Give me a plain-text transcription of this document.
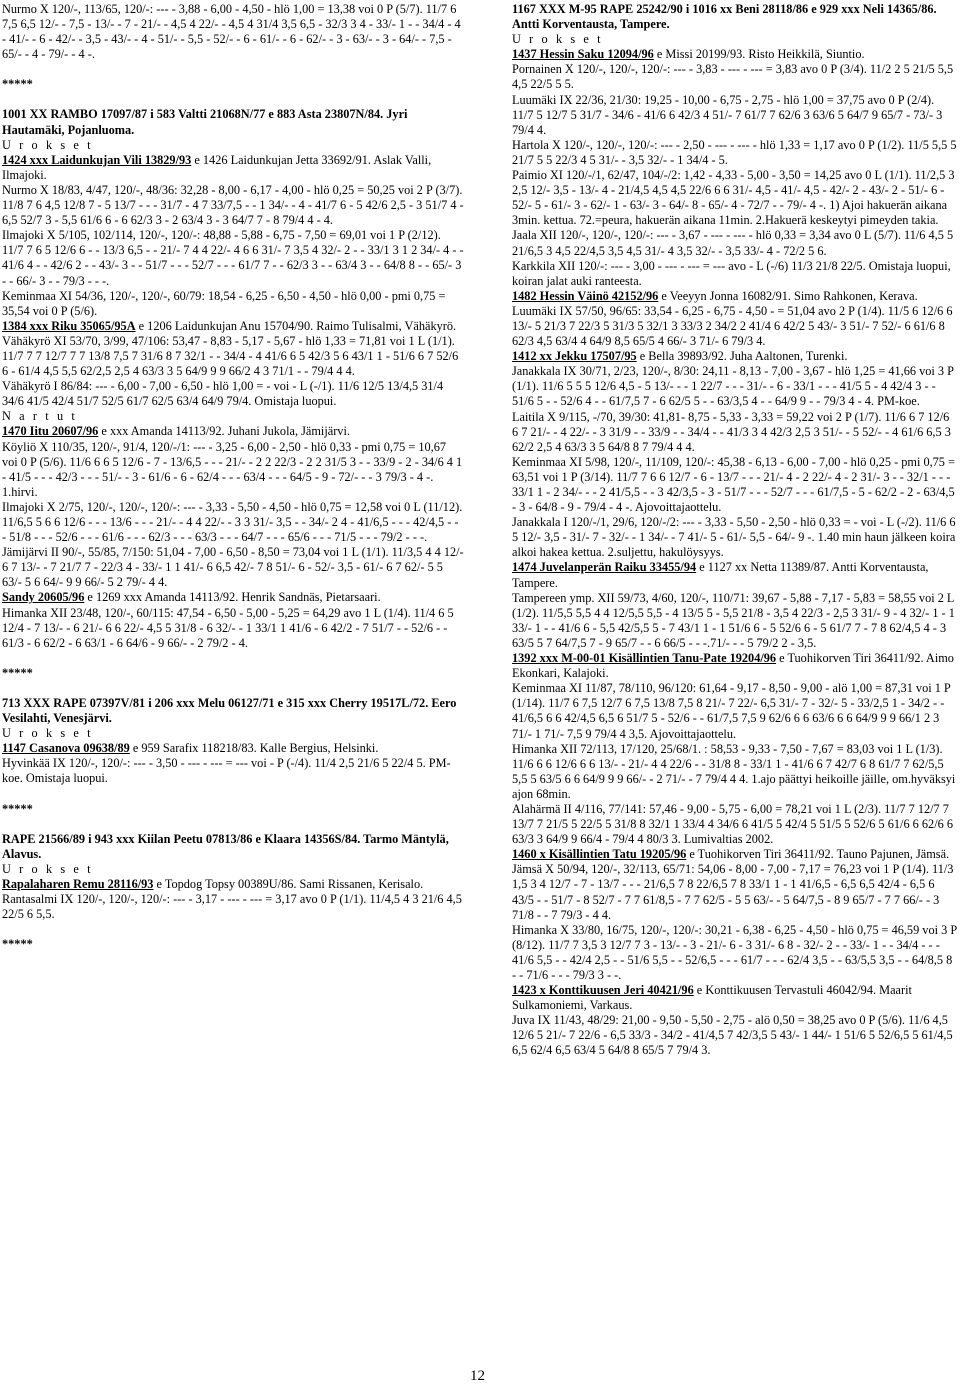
Nurmo X 120/-, 113/65, 120/-: --- - 3,88 - 6,00 - 4,50 - hlö 1,00 = 13,38 voi 0 P (5/7). 11/7 6 7,5 6,5 12/- - 7,5 - 13/- - 7 - 21/- - 4,5 4 22/- - 4,5 4 31/4 3,5 6,5 - 32/3 3 4 - 33/- 1 - - 34/4 - 4 - 41/- - 6 - 42/- - 3,5 - 43/- - 4 - 51/- - 5,5 - 52/- - 6 - 61/- - 6 - 62/- - 3 - 63/- - 3 - 64/- - 7,5 - 65/- - 4 - 79/- - 4 -.

*****

1001 XX RAMBO 17097/87 i 583 Valtti 21068N/77 e 883 Asta 23807N/84. Jyri Hautamäki, Pojanluoma.

U r o k s e t

1424 xxx Laidunkujan Vili 13829/93 e 1426 Laidunkujan Jetta 33692/91. Aslak Valli, Ilmajoki.

Nurmo X 18/83, 4/47, 120/-, 48/36: 32,28 - 8,00 - 6,17 - 4,00 - hlö 0,25 = 50,25 voi 2 P (3/7). 11/8 7 6 4,5 12/8 7 - 5 13/7 - - - 31/7 - 4 7 33/7,5 - - 1 34/- - 4 - 41/7 6 - 5 42/6 2,5 - 3 51/7 4 - 6,5 52/7 3 - 5,5 61/6 6 - 6 62/3 3 - 2 63/4 3 - 3 64/7 7 - 8 79/4 4 - 4.

Ilmajoki X 5/105, 102/114, 120/-, 120/-: 48,88 - 5,88 - 6,75 - 7,50 = 69,01 voi 1 P (2/12). 11/7 7 6 5 12/6 6 - - 13/3 6,5 - - 21/- 7 4 4 22/- 4 6 6 31/- 7 3,5 4 32/- 2 - - 33/1 3 1 2 34/- 4 - - 41/6 4 - - 42/6 2 - - 43/- 3 - - 51/7 - - - 52/7 - - - 61/7 7 - - 62/3 3 - - 63/4 3 - - 64/8 8 - - 65/- 3 - - 66/- 3 - - 79/3 - - -.

Keminmaa XI 54/36, 120/-, 120/-, 60/79: 18,54 - 6,25 - 6,50 - 4,50 - hlö 0,00 - pmi 0,75 = 35,54 voi 0 P (5/6).

1384 xxx Riku 35065/95A e 1206 Laidunkujan Anu 15704/90. Raimo Tulisalmi, Vähäkyrö.

Vähäkyrö XI 53/70, 3/99, 47/106: 53,47 - 8,83 - 5,17 - 5,67 - hlö 1,33 = 71,81 voi 1 L (1/1). 11/7 7 7 12/7 7 7 13/8 7,5 7 31/6 8 7 32/1 - - 34/4 - 4 41/6 6 5 42/3 5 6 43/1 1 - 51/6 6 7 52/6 6 - 61/4 4,5 5,5 62/2,5 2,5 4 63/3 3 5 64/9 9 9 66/2 4 3 71/1 - - 79/4 4 4.

Vähäkyrö I 86/84: --- - 6,00 - 7,00 - 6,50 - hlö 1,00 = - voi - L (-/1). 11/6 12/5 13/4,5 31/4 34/6 41/5 42/4 51/7 52/5 61/7 62/5 63/4 64/9 79/4. Omistaja luopui.

N a r t u t

1470 Iitu 20607/96 e xxx Amanda 14113/92. Juhani Jukola, Jämijärvi.

Köyliö X 110/35, 120/-, 91/4, 120/-/1: --- - 3,25 - 6,00 - 2,50 - hlö 0,33 - pmi 0,75 = 10,67 voi 0 P (5/6). 11/6 6 6 5 12/6 - 7 - 13/6,5 - - - 21/- - 2 2 22/3 - 2 2 31/5 3 - - 33/9 - 2 - 34/6 4 1 - 41/5 - - - 42/3 - - - 51/- - 3 - 61/6 - 6 - 62/4 - - - 63/4 - - - 64/5 - 9 - 72/- - - 3 79/3 - 4 -. 1.hirvi.

Ilmajoki X 2/75, 120/-, 120/-, 120/-: --- - 3,33 - 5,50 - 4,50 - hlö 0,75 = 12,58 voi 0 L (11/12). 11/6,5 5 6 6 12/6 - - - 13/6 - - - 21/- - 4 4 22/- - 3 3 31/- 3,5 - - 34/- 2 4 - 41/6,5 - - - 42/4,5 - - - 51/8 - - - 52/6 - - - 61/6 - - - 62/3 - - - 63/3 - - - 64/7 - - - 65/6 - - - 71/5 - - - 79/2 - - -.

Jämijärvi II 90/-, 55/85, 7/150: 51,04 - 7,00 - 6,50 - 8,50 = 73,04 voi 1 L (1/1). 11/3,5 4 4 12/- 6 7 13/- - 7 21/7 7 - 22/3 4 - 33/- 1 1 41/- 6 6,5 42/- 7 8 51/- 6 - 52/- 3,5 - 61/- 6 7 62/- 5 5 63/- 5 6 64/- 9 9 66/- 5 2 79/- 4 4.

Sandy 20605/96 e 1269 xxx Amanda 14113/92. Henrik Sandnäs, Pietarsaari.

Himanka XII 23/48, 120/-, 60/115: 47,54 - 6,50 - 5,00 - 5,25 = 64,29 avo 1 L (1/4). 11/4 6 5 12/4 - 7 13/- - 6 21/- 6 6 22/- 4,5 5 31/8 - 6 32/- - 1 33/1 1 41/6 - 6 42/2 - 7 51/7 - - 52/6 - - 61/3 - 6 62/2 - 6 63/1 - 6 64/6 - 9 66/- - 2 79/2 - 4.

*****

713 XXX RAPE 07397V/81 i 206 xxx Melu 06127/71 e 315 xxx Cherry 19517L/72. Eero Vesilahti, Venesjärvi.

U r o k s e t

1147 Casanova 09638/89 e 959 Sarafix 118218/83. Kalle Bergius, Helsinki.

Hyvinkää IX 120/-, 120/-: --- - 3,50 - --- - --- = --- voi - P (-/4). 11/4 2,5 21/6 5 22/4 5. PM-koe. Omistaja luopui.

*****

RAPE 21566/89 i 943 xxx Kiilan Peetu 07813/86 e Klaara 14356S/84. Tarmo Mäntylä, Alavus.

U r o k s e t

Rapalaharen Remu 28116/93 e Topdog Topsy 00389U/86. Sami Rissanen, Kerisalo.

Rantasalmi IX 120/-, 120/-, 120/-: --- - 3,17 - --- - --- = 3,17 avo 0 P (1/1). 11/4,5 4 3 21/6 4,5 22/5 6 5,5.

*****

1167 XXX M-95 RAPE 25242/90 i 1016 xx Beni 28118/86 e 929 xxx Neli 14365/86. Antti Korventausta, Tampere.

U r o k s e t

1437 Hessin Saku 12094/96 e Missi 20199/93. Risto Heikkilä, Siuntio.

Pornainen X 120/-, 120/-, 120/-: --- - 3,83 - --- - --- = 3,83 avo 0 P (3/4). 11/2 2 5 21/5 5,5 4,5 22/5 5 5.

Luumäki IX 22/36, 21/30: 19,25 - 10,00 - 6,75 - 2,75 - hlö 1,00 = 37,75 avo 0 P (2/4). 11/7 5 12/7 5 31/7 - 34/6 - 41/6 6 42/3 4 51/- 7 61/7 7 62/6 3 63/6 5 64/7 9 65/7 - 73/- 3 79/4 4.

Hartola X 120/-, 120/-, 120/-: --- - 2,50 - --- - --- - hlö 1,33 = 1,17 avo 0 P (1/2). 11/5 5,5 5 21/7 5 5 22/3 4 5 31/- - 3,5 32/- - 1 34/4 - 5.

Paimio XI 120/-/1, 62/47, 104/-/2: 1,42 - 4,33 - 5,00 - 3,50 = 14,25 avo 0 L (1/1). 11/2,5 3 2,5 12/- 3,5 - 13/- 4 - 21/4,5 4,5 4,5 22/6 6 6 31/- 4,5 - 41/- 4,5 - 42/- 2 - 43/- 2 - 51/- 6 - 52/- 5 - 61/- 3 - 62/- 1 - 63/- 3 - 64/- 8 - 65/- 4 - 72/7 - - 79/- 4 -. 1) Ajoi hakuerän aikana 3min. kettua. 72.=peura, hakuerän aikana 11min. 2.Hakuerä keskeytyi pimeyden takia.

Jaala XII 120/-, 120/-, 120/-: --- - 3,67 - --- - --- - hlö 0,33 = 3,34 avo 0 L (5/7). 11/6 4,5 5 21/6,5 3 4,5 22/4,5 3,5 4,5 31/- 4 3,5 32/- - 3,5 33/- 4 - 72/2 5 6.

Karkkila XII 120/-: --- - 3,00 - --- - --- = --- avo - L (-/6) 11/3 21/8 22/5. Omistaja luopui, koiran jalat auki ranteesta.

1482 Hessin Väinö 42152/96 e Veeyyn Jonna 16082/91. Simo Rahkonen, Kerava.

Luumäki IX 57/50, 96/65: 33,54 - 6,25 - 6,75 - 4,50 - = 51,04 avo 2 P (1/4). 11/5 6 12/6 6 13/- 5 21/3 7 22/3 5 31/3 5 32/1 3 33/3 2 34/2 2 41/4 6 42/2 5 43/- 3 51/- 7 52/- 6 61/6 8 62/3 4,5 63/4 4 64/9 8,5 65/5 4 66/- 3 71/- 6 79/3 4.

1412 xx Jekku 17507/95 e Bella 39893/92. Juha Aaltonen, Turenki.

Janakkala IX 30/71, 2/23, 120/-, 8/30: 24,11 - 8,13 - 7,00 - 3,67 - hlö 1,25 = 41,66 voi 3 P (1/1). 11/6 5 5 5 12/6 4,5 - 5 13/- - - 1 22/7 - - - 31/- - 6 - 33/1 - - - 41/5 5 - 4 42/4 3 - - 51/6 5 - - 52/6 4 - - 61/7,5 7 - 6 62/5 5 - - 63/3,5 4 - - 64/9 9 - - 79/3 4 - 4. PM-koe.

Laitila X 9/115, -/70, 39/30: 41,81- 8,75 - 5,33 - 3,33 = 59,22 voi 2 P (1/7). 11/6 6 7 12/6 6 7 21/- - 4 22/- - 3 31/9 - - 33/9 - - 34/4 - - 41/3 3 4 42/3 2,5 3 51/- - 5 52/- - 4 61/6 6,5 3 62/2 2,5 4 63/3 3 5 64/8 8 7 79/4 4 4.

Keminmaa XI 5/98, 120/-, 11/109, 120/-: 45,38 - 6,13 - 6,00 - 7,00 - hlö 0,25 - pmi 0,75 = 63,51 voi 1 P (3/14). 11/7 7 6 6 12/7 - 6 - 13/7 - - - 21/- 4 - 2 22/- 4 - 2 31/- 3 - - 32/1 - - - 33/1 1 - 2 34/- - - 2 41/5,5 - - 3 42/3,5 - 3 - 51/7 - - - 52/7 - - - 61/7,5 - 5 - 62/2 - 2 - 63/4,5 - 3 - 64/8 - 9 - 79/4 - 4 -. Ajovoittajaottelu.

Janakkala I 120/-/1, 29/6, 120/-/2: --- - 3,33 - 5,50 - 2,50 - hlö 0,33 = - voi - L (-/2). 11/6 6 5 12/- 3,5 - 31/- 7 - 32/- - 1 34/- - 7 41/- 5 - 61/- 5,5 - 64/- 9 -. 1.40 min haun jälkeen koira alkoi hakea kettua. 2.suljettu, hakulöysyys.

1474 Juvelanperän Raiku 33455/94 e 1127 xx Netta 11389/87. Antti Korventausta, Tampere.

Tampereen ymp. XII 59/73, 4/60, 120/-, 110/71: 39,67 - 5,88 - 7,17 - 5,83 = 58,55 voi 2 L (1/2). 11/5,5 5,5 4 4 12/5,5 5,5 - 4 13/5 5 - 5,5 21/8 - 3,5 4 22/3 - 2,5 3 31/- 9 - 4 32/- 1 - 1 33/- 1 - - 41/6 6 - 5,5 42/5,5 5 - 7 43/1 1 - 1 51/6 6 - 5 52/6 6 - 5 61/7 7 - 7 8 62/4,5 4 - 3 63/5 5 7 64/7,5 7 - 9 65/7 - - 6 66/5 - - -.71/- - - 5 79/2 2 - 3,5.

1392 xxx M-00-01 Kisällintien Tanu-Pate 19204/96 e Tuohikorven Tiri 36411/92. Aimo Ekonkari, Kalajoki.

Keminmaa XI 11/87, 78/110, 96/120: 61,64 - 9,17 - 8,50 - 9,00 - alö 1,00 = 87,31 voi 1 P (1/14). 11/7 6 7,5 12/7 6 7,5 13/8 7,5 8 21/- 7 22/- 6,5 31/- 7 - 32/- 5 - 33/2,5 1 - 34/2 - - 41/6,5 6 6 42/4,5 6,5 6 51/7 5 - 52/6 - - 61/7,5 7,5 9 62/6 6 6 63/6 6 6 64/9 9 9 66/1 2 3 71/- 1 71/- 7,5 9 79/4 4 3,5. Ajovoittajaottelu.

Himanka XII 72/113, 17/120, 25/68/1. : 58,53 - 9,33 - 7,50 - 7,67 = 83,03 voi 1 L (1/3). 11/6 6 6 12/6 6 6 13/- - 21/- 4 4 22/6 - - 31/8 8 - 33/1 1 - 41/6 6 7 42/7 6 8 61/7 7 62/5,5 5,5 5 63/5 6 6 64/9 9 9 66/- - 2 71/- - 7 79/4 4 4. 1.ajo päättyi heikoille jäille, om.hyväksyi ajon 68min.

Alahärmä II 4/116, 77/141: 57,46 - 9,00 - 5,75 - 6,00 = 78,21 voi 1 L (2/3). 11/7 7 12/7 7 13/7 7 21/5 5 22/5 5 31/8 8 32/1 1 33/4 4 34/6 6 41/5 5 42/4 5 51/5 5 52/6 5 61/6 6 62/6 6 63/3 3 64/9 9 66/4 - 79/4 4 80/3 3. Lumivaltias 2002.

1460 x Kisällintien Tatu 19205/96 e Tuohikorven Tiri 36411/92. Tauno Pajunen, Jämsä.

Jämsä X 50/94, 120/-, 32/113, 65/71: 54,06 - 8,00 - 7,00 - 7,17 = 76,23 voi 1 P (1/4). 11/3 1,5 3 4 12/7 - 7 - 13/7 - - - 21/6,5 7 8 22/6,5 7 8 33/1 1 - 1 41/6,5 - 6,5 6,5 42/4 - 6,5 6 43/5 - - 51/7 - 8 52/7 - 7 7 61/8,5 - 7 7 62/5 - 5 5 63/- - 5 64/7,5 - 8 9 65/7 - 7 7 66/- - 3 71/8 - - 7 79/3 - 4 4.

Himanka X 33/80, 16/75, 120/-, 120/-: 30,21 - 6,38 - 6,25 - 4,50 - hlö 0,75 = 46,59 voi 3 P (8/12). 11/7 7 3,5 3 12/7 7 3 - 13/- - 3 - 21/- 6 - 3 31/- 6 8 - 32/- 2 - - 33/- 1 - - 34/4 - - - 41/6 5,5 - - 42/4 2,5 - - 51/6 5,5 - - 52/6,5 - - - 61/7 - - - 62/4 3,5 - - 63/5,5 3,5 - - 64/8,5 8 - - 71/6 - - - 79/3 3 - -.

1423 x Konttikuusen Jeri 40421/96 e Konttikuusen Tervastuli 46042/94. Maarit Sulkamoniemi, Varkaus.

Juva IX 11/43, 48/29: 21,00 - 9,50 - 5,50 - 2,75 - alö 0,50 = 38,25 avo 0 P (5/6). 11/6 4,5 12/6 5 21/- 7 22/6 - 6,5 33/3 - 34/2 - 41/4,5 7 42/3,5 5 43/- 1 44/- 1 51/6 5 52/6,5 5 61/4,5 6,5 62/4 6,5 63/4 5 64/8 8 65/5 7 79/4 3.

12
